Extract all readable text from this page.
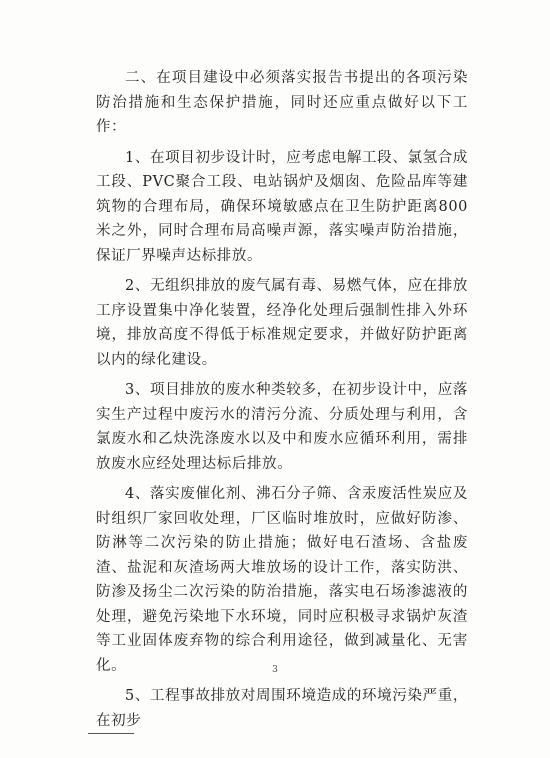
二、在项目建设中必须落实报告书提出的各项污染防治措施和生态保护措施，同时还应重点做好以下工作：

1、在项目初步设计时，应考虑电解工段、氯氢合成工段、PVC聚合工段、电站锅炉及烟囱、危险品库等建筑物的合理布局，确保环境敏感点在卫生防护距离800米之外，同时合理布局高噪声源，落实噪声防治措施，保证厂界噪声达标排放。

2、无组织排放的废气属有毒、易燃气体，应在排放工序设置集中净化装置，经净化处理后强制性排入外环境，排放高度不得低于标准规定要求，并做好防护距离以内的绿化建设。

3、项目排放的废水种类较多，在初步设计中，应落实生产过程中废污水的清污分流、分质处理与利用，含氯废水和乙炔洗涤废水以及中和废水应循环利用，需排放废水应经处理达标后排放。

4、落实废催化剂、沸石分子筛、含汞废活性炭应及时组织厂家回收处理，厂区临时堆放时，应做好防渗、防淋等二次污染的防止措施；做好电石渣场、含盐废渣、盐泥和灰渣场两大堆放场的设计工作，落实防洪、防渗及扬尘二次污染的防治措施，落实电石场渗滤液的处理，避免污染地下水环境，同时应积极寻求锅炉灰渣等工业固体废弃物的综合利用途径，做到减量化、无害化。

5、工程事故排放对周围环境造成的环境污染严重，在初步

3
